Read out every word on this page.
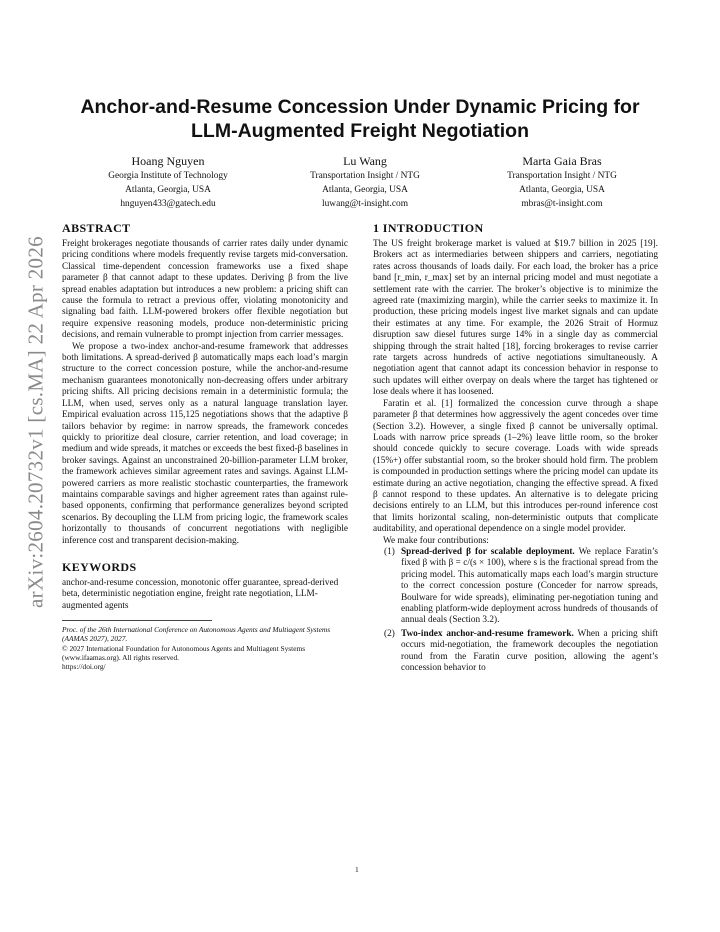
arXiv:2604.20732v1 [cs.MA] 22 Apr 2026
Anchor-and-Resume Concession Under Dynamic Pricing for LLM-Augmented Freight Negotiation
Hoang Nguyen
Georgia Institute of Technology
Atlanta, Georgia, USA
hnguyen433@gatech.edu
Lu Wang
Transportation Insight / NTG
Atlanta, Georgia, USA
luwang@t-insight.com
Marta Gaia Bras
Transportation Insight / NTG
Atlanta, Georgia, USA
mbras@t-insight.com
ABSTRACT

Freight brokerages negotiate thousands of carrier rates daily under dynamic pricing conditions where models frequently revise targets mid-conversation. Classical time-dependent concession frameworks use a fixed shape parameter β that cannot adapt to these updates. Deriving β from the live spread enables adaptation but introduces a new problem: a pricing shift can cause the formula to retract a previous offer, violating monotonicity and signaling bad faith. LLM-powered brokers offer flexible negotiation but require expensive reasoning models, produce non-deterministic pricing decisions, and remain vulnerable to prompt injection from carrier messages.

We propose a two-index anchor-and-resume framework that addresses both limitations. A spread-derived β automatically maps each load’s margin structure to the correct concession posture, while the anchor-and-resume mechanism guarantees monotonically non-decreasing offers under arbitrary pricing shifts. All pricing decisions remain in a deterministic formula; the LLM, when used, serves only as a natural language translation layer. Empirical evaluation across 115,125 negotiations shows that the adaptive β tailors behavior by regime: in narrow spreads, the framework concedes quickly to prioritize deal closure, carrier retention, and load coverage; in medium and wide spreads, it matches or exceeds the best fixed-β baselines in broker savings. Against an unconstrained 20-billion-parameter LLM broker, the framework achieves similar agreement rates and savings. Against LLM-powered carriers as more realistic stochastic counterparties, the framework maintains comparable savings and higher agreement rates than against rule-based opponents, confirming that performance generalizes beyond scripted scenarios. By decoupling the LLM from pricing logic, the framework scales horizontally to thousands of concurrent negotiations with negligible inference cost and transparent decision-making.

KEYWORDS

anchor-and-resume concession, monotonic offer guarantee, spread-derived beta, deterministic negotiation engine, freight rate negotiation, LLM-augmented agents

Proc. of the 26th International Conference on Autonomous Agents and Multiagent Systems (AAMAS 2027), 2027.
© 2027 International Foundation for Autonomous Agents and Multiagent Systems (www.ifaamas.org). All rights reserved.
https://doi.org/
1 INTRODUCTION

The US freight brokerage market is valued at $19.7 billion in 2025 [19]. Brokers act as intermediaries between shippers and carriers, negotiating rates across thousands of loads daily. For each load, the broker has a price band [r_min, r_max] set by an internal pricing model and must negotiate a settlement rate with the carrier. The broker’s objective is to minimize the agreed rate (maximizing margin), while the carrier seeks to maximize it. In production, these pricing models ingest live market signals and can update their estimates at any time. For example, the 2026 Strait of Hormuz disruption saw diesel futures surge 14% in a single day as commercial shipping through the strait halted [18], forcing brokerages to revise carrier rate targets across hundreds of active negotiations simultaneously. A negotiation agent that cannot adapt its concession behavior in response to such updates will either overpay on deals where the target has tightened or lose deals where it has loosened.

Faratin et al. [1] formalized the concession curve through a shape parameter β that determines how aggressively the agent concedes over time (Section 3.2). However, a single fixed β cannot be universally optimal. Loads with narrow price spreads (1–2%) leave little room, so the broker should concede quickly to secure coverage. Loads with wide spreads (15%+) offer substantial room, so the broker should hold firm. The problem is compounded in production settings where the pricing model can update its estimate during an active negotiation, changing the effective spread. A fixed β cannot respond to these updates. An alternative is to delegate pricing decisions entirely to an LLM, but this introduces per-round inference cost that limits horizontal scaling, non-deterministic outputs that complicate auditability, and operational dependence on a single model provider.

We make four contributions:

(1) Spread-derived β for scalable deployment. We replace Faratin’s fixed β with β = c/(s × 100), where s is the fractional spread from the pricing model. This automatically maps each load’s margin structure to the correct concession posture (Conceder for narrow spreads, Boulware for wide spreads), eliminating per-negotiation tuning and enabling platform-wide deployment across hundreds of thousands of annual deals (Section 3.2).
(2) Two-index anchor-and-resume framework. When a pricing shift occurs mid-negotiation, the framework decouples the negotiation round from the Faratin curve position, allowing the agent’s concession behavior to
1
